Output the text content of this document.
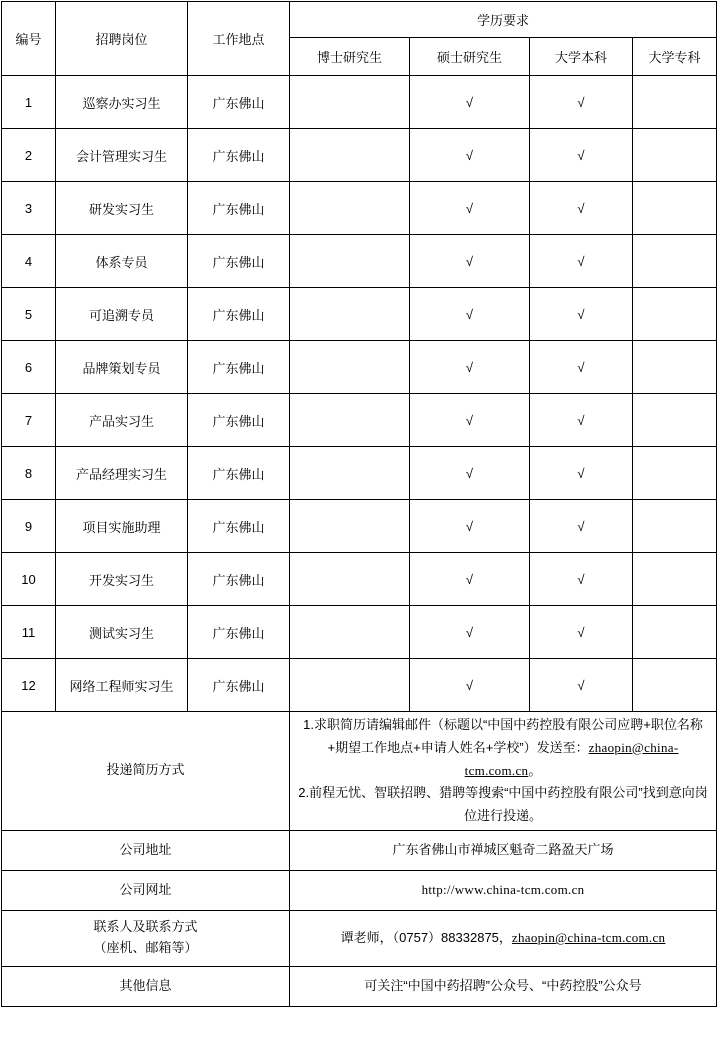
编号	招聘岗位	工作地点	学历要求			
			博士研究生	硕士研究生	大学本科	大学专科
1	巡察办实习生	广东佛山		√	√	
2	会计管理实习生	广东佛山		√	√	
3	研发实习生	广东佛山		√	√	
4	体系专员	广东佛山		√	√	
5	可追溯专员	广东佛山		√	√	
6	品牌策划专员	广东佛山		√	√	
7	产品实习生	广东佛山		√	√	
8	产品经理实习生	广东佛山		√	√	
9	项目实施助理	广东佛山		√	√	
10	开发实习生	广东佛山		√	√	
11	测试实习生	广东佛山		√	√	
12	网络工程师实习生	广东佛山		√	√	
投递简历方式			1.求职简历请编辑邮件（标题以“中国中药控股有限公司应聘+职位名称+期望工作地点+申请人姓名+学校”）发送至：zhaopin@china-tcm.com.cn。

2.前程无忧、智联招聘、猎聘等搜索“中国中药控股有限公司”找到意向岗位进行投递。			

公司地址			广东省佛山市禅城区魁奇二路盈天广场			
公司网址			http://www.china-tcm.com.cn			

联系人及联系方式
（座机、邮箱等）			谭老师，（0757）88332875，zhaopin@china-tcm.com.cn			
其他信息			可关注“中国中药招聘”公众号、“中药控股”公众号			
